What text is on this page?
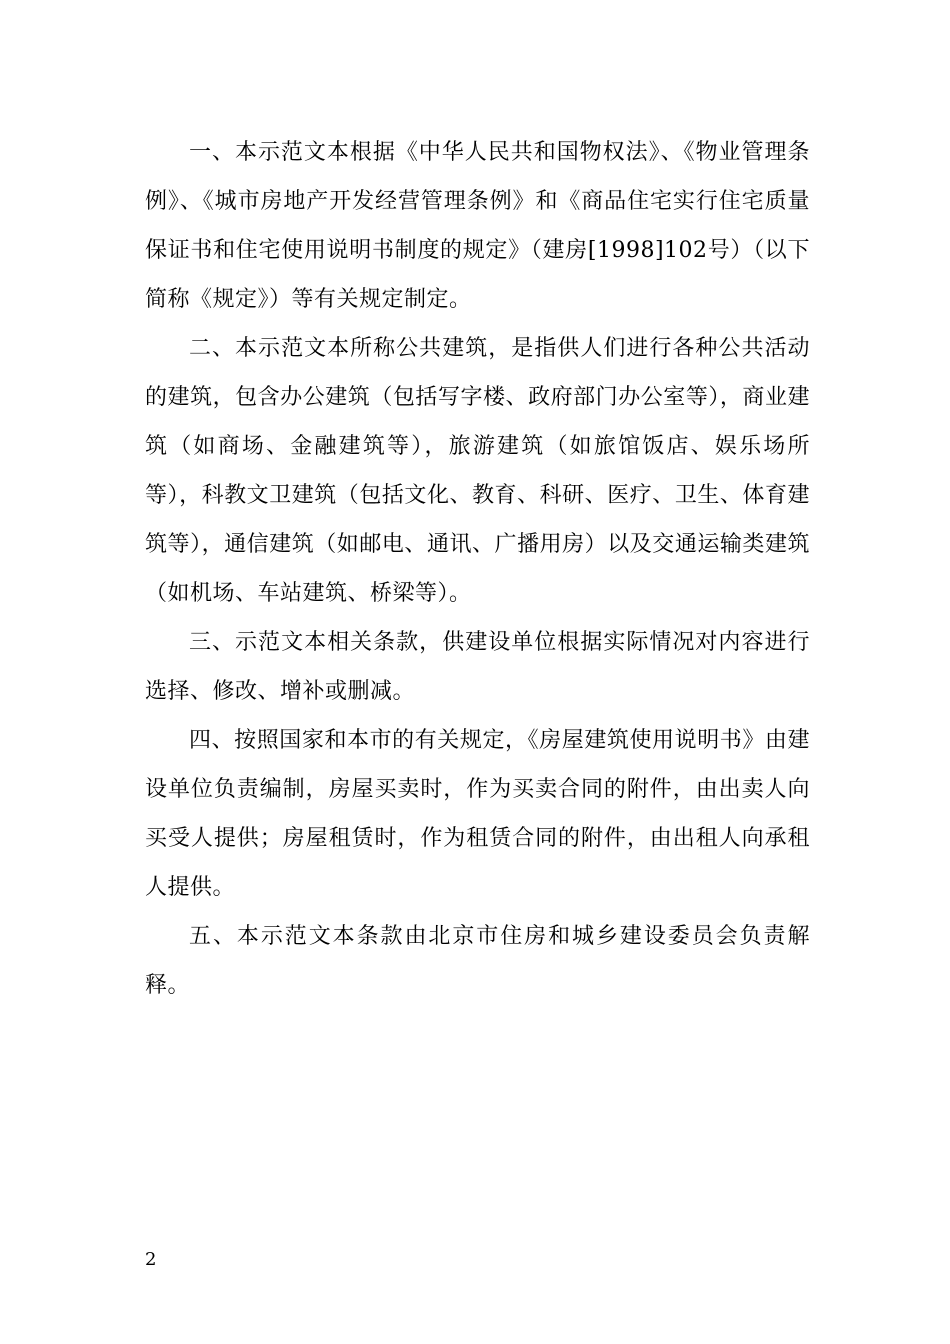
一、本示范文本根据《中华人民共和国物权法》、《物业管理条例》、《城市房地产开发经营管理条例》和《商品住宅实行住宅质量保证书和住宅使用说明书制度的规定》（建房[1998]102号）（以下简称《规定》）等有关规定制定。

二、本示范文本所称公共建筑，是指供人们进行各种公共活动的建筑，包含办公建筑（包括写字楼、政府部门办公室等），商业建筑（如商场、金融建筑等），旅游建筑（如旅馆饭店、娱乐场所等），科教文卫建筑（包括文化、教育、科研、医疗、卫生、体育建筑等），通信建筑（如邮电、通讯、广播用房）以及交通运输类建筑（如机场、车站建筑、桥梁等）。

三、示范文本相关条款，供建设单位根据实际情况对内容进行选择、修改、增补或删减。

四、按照国家和本市的有关规定，《房屋建筑使用说明书》由建设单位负责编制，房屋买卖时，作为买卖合同的附件，由出卖人向买受人提供；房屋租赁时，作为租赁合同的附件，由出租人向承租人提供。

五、本示范文本条款由北京市住房和城乡建设委员会负责解释。

2
